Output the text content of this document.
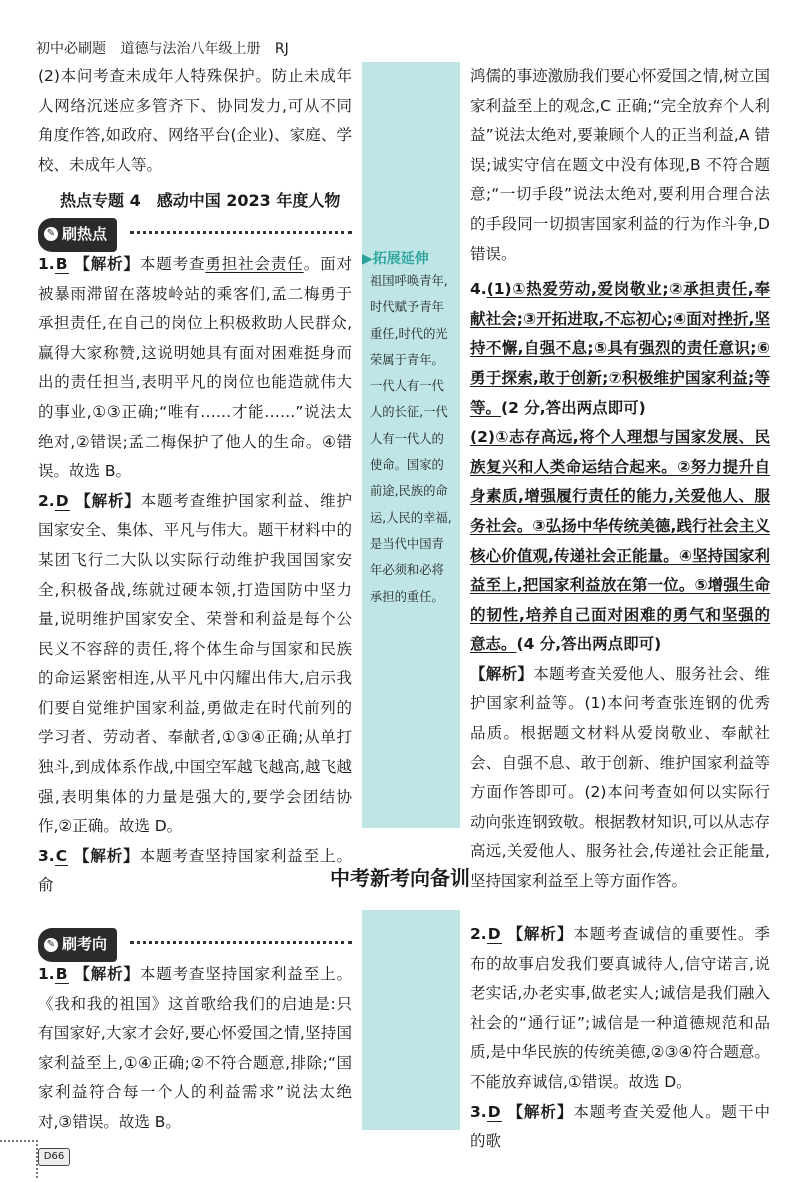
初中必刷题 道德与法治八年级上册 RJ
▶拓展延伸
祖国呼唤青年,时代赋予青年重任,时代的光荣属于青年。一代人有一代人的长征,一代人有一代人的使命。国家的前途,民族的命运,人民的幸福,是当代中国青年必须和必将承担的重任。

(2)本问考查未成年人特殊保护。防止未成年人网络沉迷应多管齐下、协同发力,可从不同角度作答,如政府、网络平台(企业)、家庭、学校、未成年人等。

热点专题 4　感动中国 2023 年度人物

✎ 刷热点

1.B 【解析】本题考查勇担社会责任。面对被暴雨滞留在落坡岭站的乘客们,孟二梅勇于承担责任,在自己的岗位上积极救助人民群众,赢得大家称赞,这说明她具有面对困难挺身而出的责任担当,表明平凡的岗位也能造就伟大的事业,①③正确;“唯有……才能……”说法太绝对,②错误;孟二梅保护了他人的生命。④错误。故选 B。

2.D 【解析】本题考查维护国家利益、维护国家安全、集体、平凡与伟大。题干材料中的某团飞行二大队以实际行动维护我国国家安全,积极备战,练就过硬本领,打造国防中坚力量,说明维护国家安全、荣誉和利益是每个公民义不容辞的责任,将个体生命与国家和民族的命运紧密相连,从平凡中闪耀出伟大,启示我们要自觉维护国家利益,勇做走在时代前列的学习者、劳动者、奉献者,①③④正确;从单打独斗,到成体系作战,中国空军越飞越高,越飞越强,表明集体的力量是强大的,要学会团结协作,②正确。故选 D。

3.C 【解析】本题考查坚持国家利益至上。俞

鸿儒的事迹激励我们要心怀爱国之情,树立国家利益至上的观念,C 正确;“完全放弃个人利益”说法太绝对,要兼顾个人的正当利益,A 错误;诚实守信在题文中没有体现,B 不符合题意;“一切手段”说法太绝对,要利用合理合法的手段同一切损害国家利益的行为作斗争,D 错误。

4.(1)①热爱劳动,爱岗敬业;②承担责任,奉献社会;③开拓进取,不忘初心;④面对挫折,坚持不懈,自强不息;⑤具有强烈的责任意识;⑥勇于探索,敢于创新;⑦积极维护国家利益;等等。(2 分,答出两点即可)

(2)①志存高远,将个人理想与国家发展、民族复兴和人类命运结合起来。②努力提升自身素质,增强履行责任的能力,关爱他人、服务社会。③弘扬中华传统美德,践行社会主义核心价值观,传递社会正能量。④坚持国家利益至上,把国家利益放在第一位。⑤增强生命的韧性,培养自己面对困难的勇气和坚强的意志。(4 分,答出两点即可)

【解析】本题考查关爱他人、服务社会、维护国家利益等。(1)本问考查张连钢的优秀品质。根据题文材料从爱岗敬业、奉献社会、自强不息、敢于创新、维护国家利益等方面作答即可。(2)本问考查如何以实际行动向张连钢致敬。根据教材知识,可以从志存高远,关爱他人、服务社会,传递社会正能量,坚持国家利益至上等方面作答。

中考新考向备训
✎ 刷考向

1.B 【解析】本题考查坚持国家利益至上。《我和我的祖国》这首歌给我们的启迪是:只有国家好,大家才会好,要心怀爱国之情,坚持国家利益至上,①④正确;②不符合题意,排除;“国家利益符合每一个人的利益需求”说法太绝对,③错误。故选 B。

2.D 【解析】本题考查诚信的重要性。季布的故事启发我们要真诚待人,信守诺言,说老实话,办老实事,做老实人;诚信是我们融入社会的“通行证”;诚信是一种道德规范和品质,是中华民族的传统美德,②③④符合题意。不能放弃诚信,①错误。故选 D。

3.D 【解析】本题考查关爱他人。题干中的歌

D66
